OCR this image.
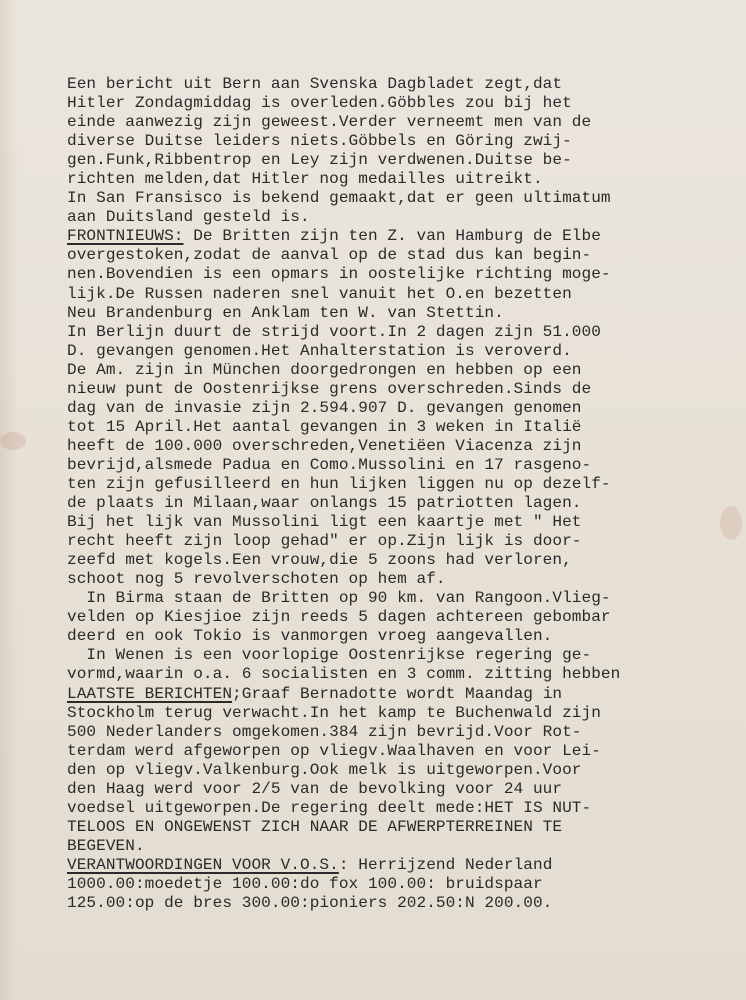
Een bericht uit Bern aan Svenska Dagbladet zegt,dat
Hitler Zondagmiddag is overleden.Göbbles zou bij het
einde aanwezig zijn geweest.Verder verneemt men van de
diverse Duitse leiders niets.Göbbels en Göring zwij-
gen.Funk,Ribbentrop en Ley zijn verdwenen.Duitse be-
richten melden,dat Hitler nog medailles uitreikt.
In San Fransisco is bekend gemaakt,dat er geen ultimatum
aan Duitsland gesteld is.
FRONTNIEUWS: De Britten zijn ten Z. van Hamburg de Elbe
overgestoken,zodat de aanval op de stad dus kan begin-
nen.Bovendien is een opmars in oostelijke richting moge-
lijk.De Russen naderen snel vanuit het O.en bezetten
Neu Brandenburg en Anklam ten W. van Stettin.
In Berlijn duurt de strijd voort.In 2 dagen zijn 51.000
D. gevangen genomen.Het Anhalterstation is veroverd.
De Am. zijn in München doorgedrongen en hebben op een
nieuw punt de Oostenrijkse grens overschreden.Sinds de
dag van de invasie zijn 2.594.907 D. gevangen genomen
tot 15 April.Het aantal gevangen in 3 weken in Italië
heeft de 100.000 overschreden,Venetiëen Viacenza zijn
bevrijd,alsmede Padua en Como.Mussolini en 17 rasgeno-
ten zijn gefusilleerd en hun lijken liggen nu op dezelf-
de plaats in Milaan,waar onlangs 15 patriotten lagen.
Bij het lijk van Mussolini ligt een kaartje met " Het
recht heeft zijn loop gehad" er op.Zijn lijk is door-
zeefd met kogels.Een vrouw,die 5 zoons had verloren,
schoot nog 5 revolverschoten op hem af.
In Birma staan de Britten op 90 km. van Rangoon.Vlieg-
velden op Kiesjioe zijn reeds 5 dagen achtereen gebombar
deerd en ook Tokio is vanmorgen vroeg aangevallen.
In Wenen is een voorlopige Oostenrijkse regering ge-
vormd,waarin o.a. 6 socialisten en 3 comm. zitting hebben
LAATSTE BERICHTEN;Graaf Bernadotte wordt Maandag in
Stockholm terug verwacht.In het kamp te Buchenwald zijn
500 Nederlanders omgekomen.384 zijn bevrijd.Voor Rot-
terdam werd afgeworpen op vliegv.Waalhaven en voor Lei-
den op vliegv.Valkenburg.Ook melk is uitgeworpen.Voor
den Haag werd voor 2/5 van de bevolking voor 24 uur
voedsel uitgeworpen.De regering deelt mede:HET IS NUT-
TELOOS EN ONGEWENST ZICH NAAR DE AFWERPTERREINEN TE
BEGEVEN.
VERANTWOORDINGEN VOOR V.O.S.: Herrijzend Nederland
1000.00:moedetje 100.00:do fox 100.00: bruidspaar
125.00:op de bres 300.00:pioniers 202.50:N 200.00.
